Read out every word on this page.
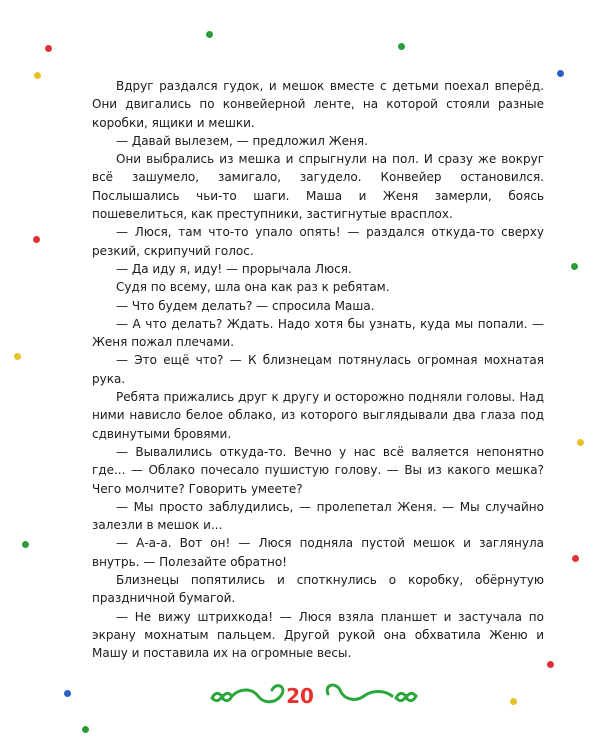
Вдруг раздался гудок, и мешок вместе с детьми поехал вперёд. Они двигались по конвейерной ленте, на которой стояли разные коробки, ящики и мешки.

— Давай вылезем, — предложил Женя.

Они выбрались из мешка и спрыгнули на пол. И сразу же вокруг всё зашумело, замигало, загудело. Конвейер остановился. Послышались чьи-то шаги. Маша и Женя замерли, боясь пошевелиться, как преступники, застигнутые врасплох.

— Люся, там что-то упало опять! — раздался откуда-то сверху резкий, скрипучий голос.

— Да иду я, иду! — прорычала Люся.

Судя по всему, шла она как раз к ребятам.

— Что будем делать? — спросила Маша.

— А что делать? Ждать. Надо хотя бы узнать, куда мы попали. — Женя пожал плечами.

— Это ещё что? — К близнецам потянулась огромная мохнатая рука.

Ребята прижались друг к другу и осторожно подняли головы. Над ними нависло белое облако, из которого выглядывали два глаза под сдвинутыми бровями.

— Вывалились откуда-то. Вечно у нас всё валяется непонятно где... — Облако почесало пушистую голову. — Вы из какого мешка? Чего молчите? Говорить умеете?

— Мы просто заблудились, — пролепетал Женя. — Мы случайно залезли в мешок и...

— А-а-а. Вот он! — Люся подняла пустой мешок и заглянула внутрь. — Полезайте обратно!

Близнецы попятились и споткнулись о коробку, обёрнутую праздничной бумагой.

— Не вижу штрихкода! — Люся взяла планшет и застучала по экрану мохнатым пальцем. Другой рукой она обхватила Женю и Машу и поставила их на огромные весы.

20
